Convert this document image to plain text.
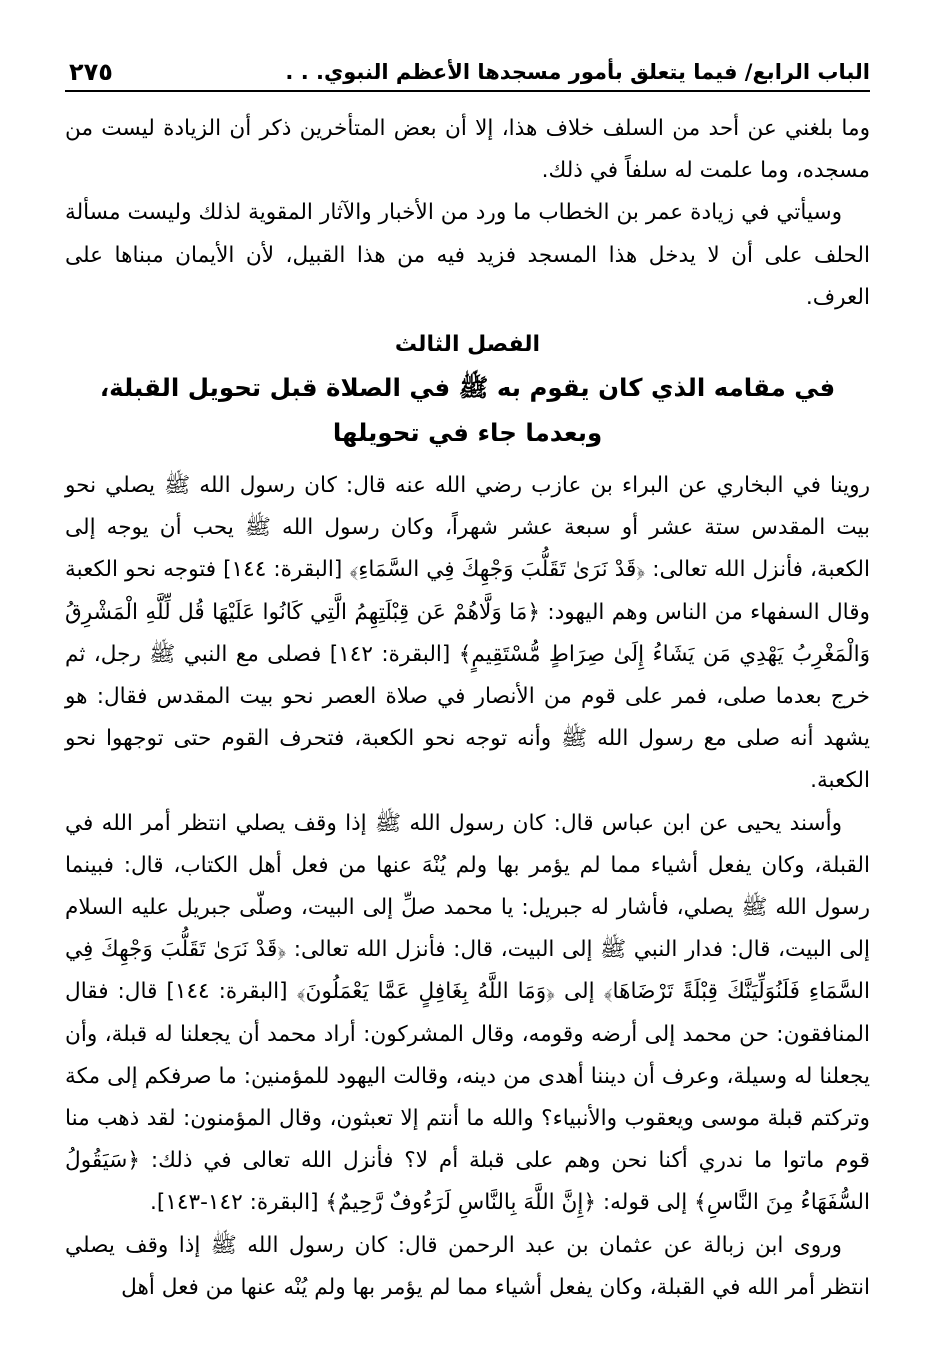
الباب الرابع/ فيما يتعلق بأمور مسجدها الأعظم النبوي. . .
٢٧٥

وما بلغني عن أحد من السلف خلاف هذا، إلا أن بعض المتأخرين ذكر أن الزيادة ليست من مسجده، وما علمت له سلفاً في ذلك.

وسيأتي في زيادة عمر بن الخطاب ما ورد من الأخبار والآثار المقوية لذلك وليست مسألة الحلف على أن لا يدخل هذا المسجد فزيد فيه من هذا القبيل، لأن الأيمان مبناها على العرف.

الفصل الثالث

في مقامه الذي كان يقوم به ﷺ في الصلاة قبل تحويل القبلة،

وبعدما جاء في تحويلها

روينا في البخاري عن البراء بن عازب رضي الله عنه قال: كان رسول الله ﷺ يصلي نحو بيت المقدس ستة عشر أو سبعة عشر شهراً، وكان رسول الله ﷺ يحب أن يوجه إلى الكعبة، فأنزل الله تعالى: ﴿قَدْ نَرَىٰ تَقَلُّبَ وَجْهِكَ فِي السَّمَاءِ﴾ [البقرة: ١٤٤] فتوجه نحو الكعبة وقال السفهاء من الناس وهم اليهود: ﴿مَا وَلَّاهُمْ عَن قِبْلَتِهِمُ الَّتِي كَانُوا عَلَيْهَا قُل لِّلَّهِ الْمَشْرِقُ وَالْمَغْرِبُ يَهْدِي مَن يَشَاءُ إِلَىٰ صِرَاطٍ مُّسْتَقِيمٍ﴾ [البقرة: ١٤٢] فصلى مع النبي ﷺ رجل، ثم خرج بعدما صلى، فمر على قوم من الأنصار في صلاة العصر نحو بيت المقدس فقال: هو يشهد أنه صلى مع رسول الله ﷺ وأنه توجه نحو الكعبة، فتحرف القوم حتى توجهوا نحو الكعبة.

وأسند يحيى عن ابن عباس قال: كان رسول الله ﷺ إذا وقف يصلي انتظر أمر الله في القبلة، وكان يفعل أشياء مما لم يؤمر بها ولم يُنْهَ عنها من فعل أهل الكتاب، قال: فبينما رسول الله ﷺ يصلي، فأشار له جبريل: يا محمد صلِّ إلى البيت، وصلّى جبريل عليه السلام إلى البيت، قال: فدار النبي ﷺ إلى البيت، قال: فأنزل الله تعالى: ﴿قَدْ نَرَىٰ تَقَلُّبَ وَجْهِكَ فِي السَّمَاءِ فَلَنُوَلِّيَنَّكَ قِبْلَةً تَرْضَاهَا﴾ إلى ﴿وَمَا اللَّهُ بِغَافِلٍ عَمَّا يَعْمَلُونَ﴾ [البقرة: ١٤٤] قال: فقال المنافقون: حن محمد إلى أرضه وقومه، وقال المشركون: أراد محمد أن يجعلنا له قبلة، وأن يجعلنا له وسيلة، وعرف أن ديننا أهدى من دينه، وقالت اليهود للمؤمنين: ما صرفكم إلى مكة وتركتم قبلة موسى ويعقوب والأنبياء؟ والله ما أنتم إلا تعبثون، وقال المؤمنون: لقد ذهب منا قوم ماتوا ما ندري أكنا نحن وهم على قبلة أم لا؟ فأنزل الله تعالى في ذلك: ﴿سَيَقُولُ السُّفَهَاءُ مِنَ النَّاسِ﴾ إلى قوله: ﴿إِنَّ اللَّهَ بِالنَّاسِ لَرَءُوفٌ رَّحِيمٌ﴾ [البقرة: ١٤٢-١٤٣].

وروى ابن زبالة عن عثمان بن عبد الرحمن قال: كان رسول الله ﷺ إذا وقف يصلي انتظر أمر الله في القبلة، وكان يفعل أشياء مما لم يؤمر بها ولم يُنْه عنها من فعل أهل
